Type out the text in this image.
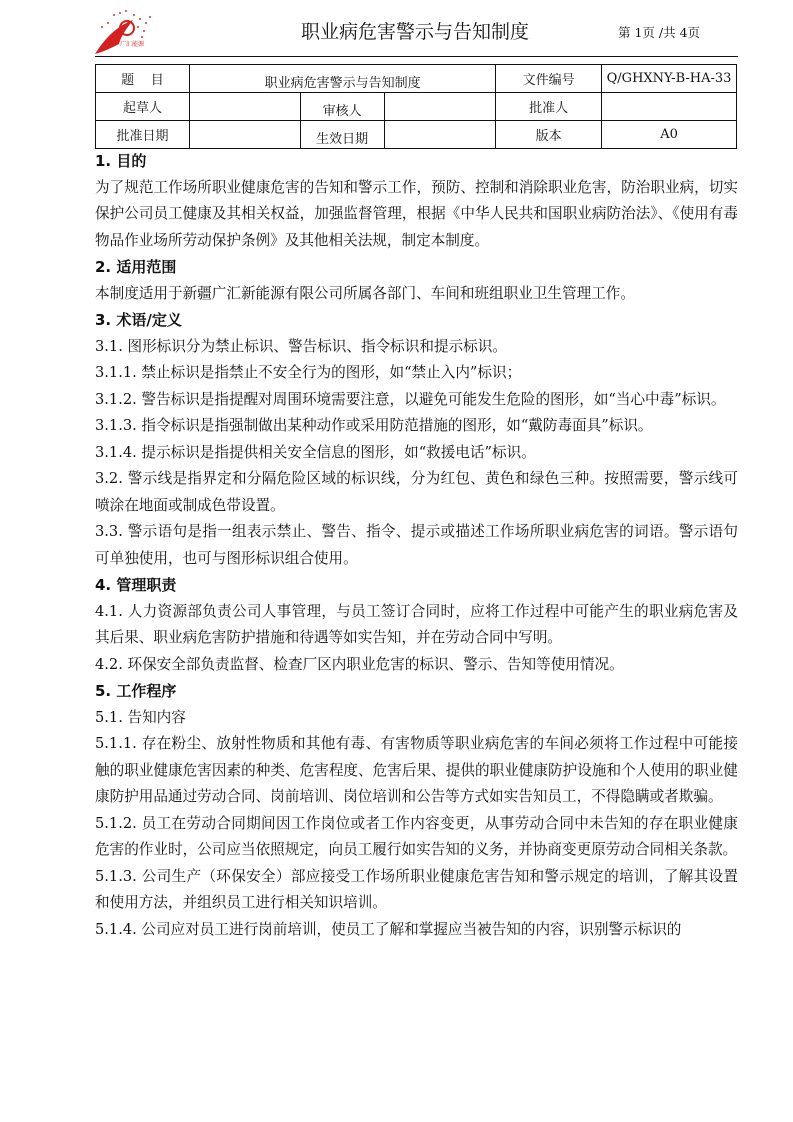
广汇能源
职业病危害警示与告知制度	第 1页 /共 4页
题    目	职业病危害警示与告知制度			文件编号	Q/GHXNY-B-HA-33
起草人		审核人		批准人	
批准日期		生效日期		版本	A0
1. 目的

为了规范工作场所职业健康危害的告知和警示工作，预防、控制和消除职业危害，防治职业病，切实保护公司员工健康及其相关权益，加强监督管理，根据《中华人民共和国职业病防治法》、《使用有毒物品作业场所劳动保护条例》及其他相关法规，制定本制度。

2. 适用范围

本制度适用于新疆广汇新能源有限公司所属各部门、车间和班组职业卫生管理工作。

3. 术语/定义

3.1. 图形标识分为禁止标识、警告标识、指令标识和提示标识。

3.1.1. 禁止标识是指禁止不安全行为的图形，如“禁止入内”标识；

3.1.2. 警告标识是指提醒对周围环境需要注意，以避免可能发生危险的图形，如“当心中毒”标识。

3.1.3. 指令标识是指强制做出某种动作或采用防范措施的图形，如“戴防毒面具”标识。

3.1.4. 提示标识是指提供相关安全信息的图形，如“救援电话”标识。

3.2. 警示线是指界定和分隔危险区域的标识线，分为红包、黄色和绿色三种。按照需要，警示线可喷涂在地面或制成色带设置。

3.3. 警示语句是指一组表示禁止、警告、指令、提示或描述工作场所职业病危害的词语。警示语句可单独使用，也可与图形标识组合使用。

4. 管理职责

4.1. 人力资源部负责公司人事管理，与员工签订合同时，应将工作过程中可能产生的职业病危害及其后果、职业病危害防护措施和待遇等如实告知，并在劳动合同中写明。

4.2. 环保安全部负责监督、检查厂区内职业危害的标识、警示、告知等使用情况。

5. 工作程序

5.1. 告知内容

5.1.1. 存在粉尘、放射性物质和其他有毒、有害物质等职业病危害的车间必须将工作过程中可能接触的职业健康危害因素的种类、危害程度、危害后果、提供的职业健康防护设施和个人使用的职业健康防护用品通过劳动合同、岗前培训、岗位培训和公告等方式如实告知员工，不得隐瞒或者欺骗。

5.1.2. 员工在劳动合同期间因工作岗位或者工作内容变更，从事劳动合同中未告知的存在职业健康危害的作业时，公司应当依照规定，向员工履行如实告知的义务，并协商变更原劳动合同相关条款。

5.1.3. 公司生产（环保安全）部应接受工作场所职业健康危害告知和警示规定的培训，了解其设置和使用方法，并组织员工进行相关知识培训。

5.1.4. 公司应对员工进行岗前培训，使员工了解和掌握应当被告知的内容，识别警示标识的
